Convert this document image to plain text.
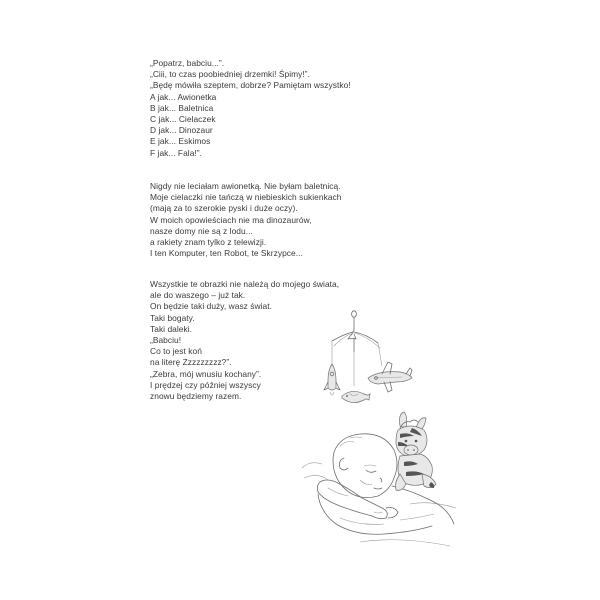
„Popatrz, babciu...”.
„Ciii, to czas poobiedniej drzemki! Śpimy!”.
„Będę mówiła szeptem, dobrze? Pamiętam wszystko!
A jak... Awionetka
B jak... Baletnica
C jak... Cielaczek
D jak... Dinozaur
E jak... Eskimos
F jak... Fala!”.
Nigdy nie leciałam awionetką. Nie byłam baletnicą.
Moje cielaczki nie tańczą w niebieskich sukienkach
(mają za to szerokie pyski i duże oczy).
W moich opowieściach nie ma dinozaurów,
nasze domy nie są z lodu...
a rakiety znam tylko z telewizji.
I ten Komputer, ten Robot, te Skrzypce...
Wszystkie te obrazki nie należą do mojego świata,
ale do waszego – już tak.
On będzie taki duży, wasz świat.
Taki bogaty.
Taki daleki.
„Babciu!
Co to jest koń
na literę Zzzzzzzzz?”.
„Zebra, mój wnusiu kochany”.
I prędzej czy później wszyscy
znowu będziemy razem.
